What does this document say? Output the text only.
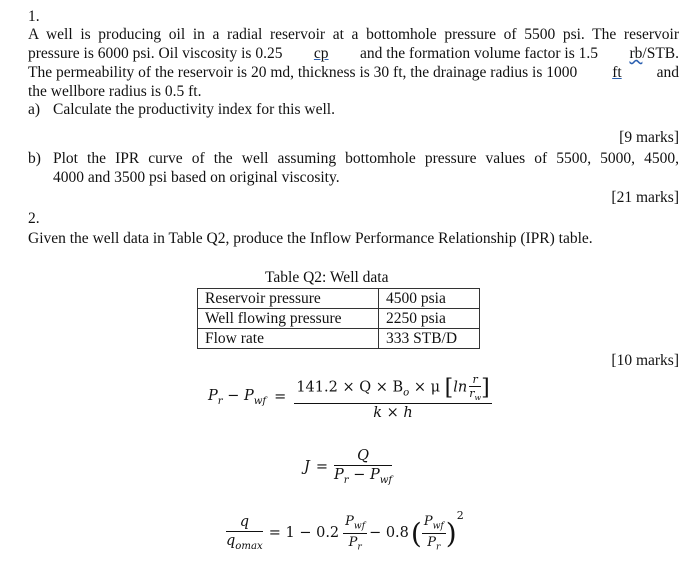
1.
A well is producing oil in a radial reservoir at a bottomhole pressure of 5500 psi. The reservoir
pressure is 6000 psi. Oil viscosity is 0.25 cp and the formation volume factor is 1.5 rb/STB.
The permeability of the reservoir is 20 md, thickness is 30 ft, the drainage radius is 1000 ft and
the wellbore radius is 0.5 ft.
a) Calculate the productivity index for this well.
[9 marks]
b) Plot the IPR curve of the well assuming bottomhole pressure values of 5500, 5000, 4500,
4000 and 3500 psi based on original viscosity.
[21 marks]
2.
Given the well data in Table Q2, produce the Inflow Performance Relationship (IPR) table.
Table Q2: Well data
Reservoir pressure	4500 psia
Well flowing pressure	2250 psia
Flow rate	333 STB/D
[10 marks]
$P_r - P_{wf} = \frac{141.2 \times Q \times B_o \times \mu [\ln \frac{r}{r_w} ]}{k \times h}$
$J = \frac{Q}{P_r - P_{wf}}$
$\frac{q}{q_{omax}} = 1 - 0.2 \frac{P_{wf}}{P_r} - 0.8$ ( $\frac{P_{wf}}{P_r}$ )
$^2$
